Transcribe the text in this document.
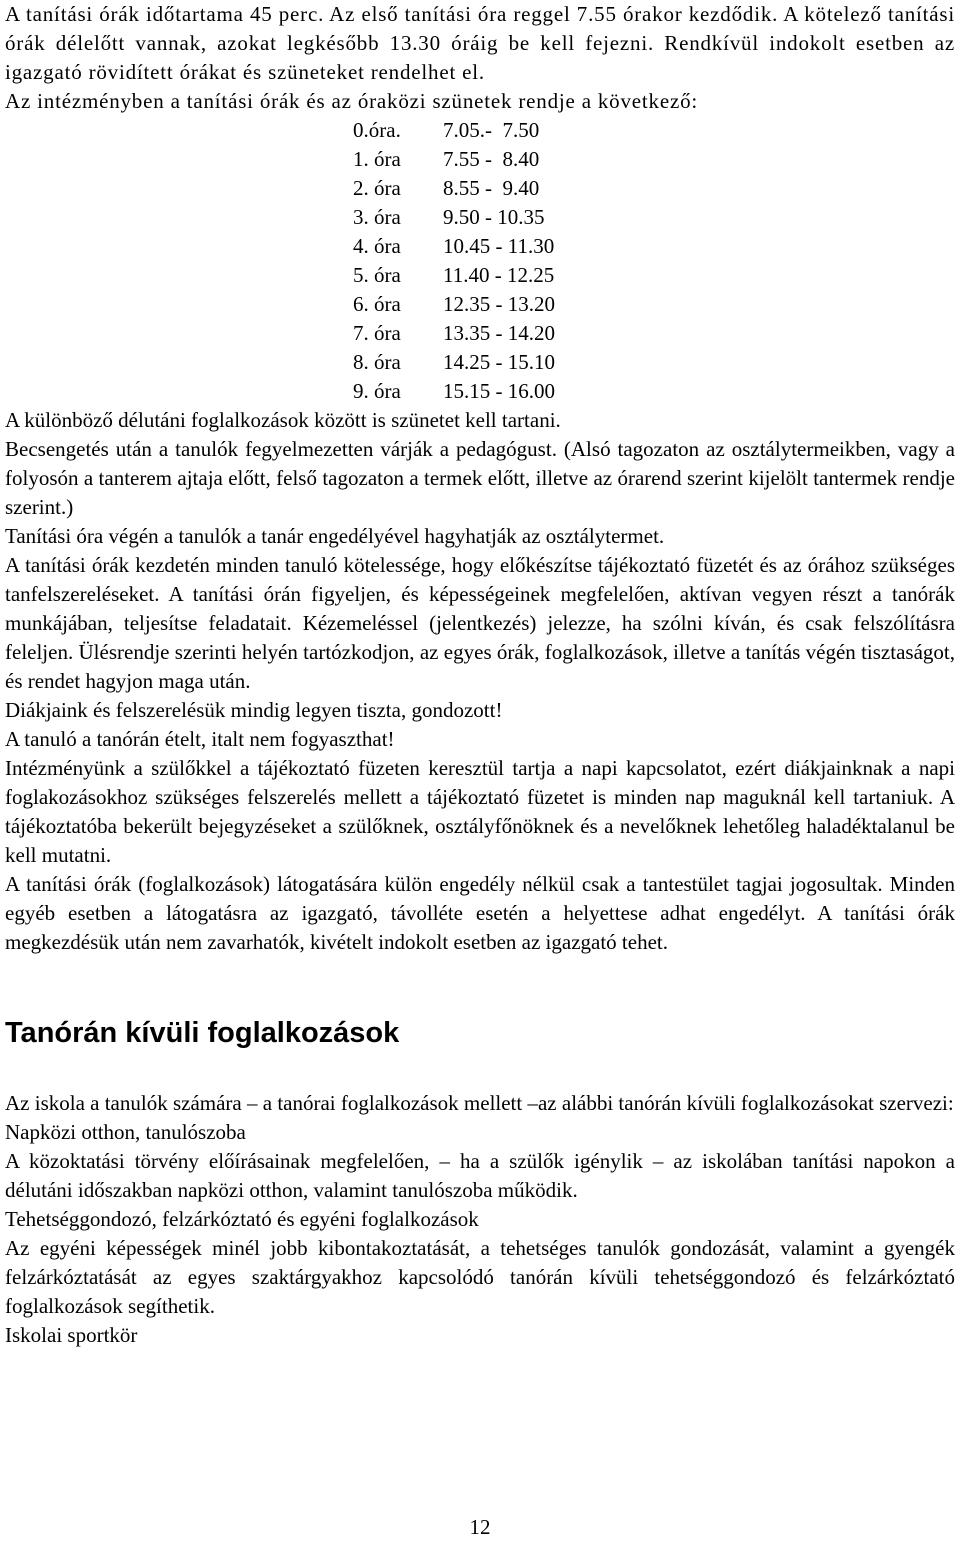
A tanítási órák időtartama 45 perc. Az első tanítási óra reggel 7.55 órakor kezdődik. A kötelező tanítási órák délelőtt vannak, azokat legkésőbb 13.30 óráig be kell fejezni. Rendkívül indokolt esetben az igazgató rövidített órákat és szüneteket rendelhet el.

Az intézményben a tanítási órák és az óraközi szünetek rendje a következő:

0.óra.	7.05.-  7.50
1. óra	7.55 -  8.40
2. óra	8.55 -  9.40
3. óra	9.50 - 10.35
4. óra	10.45 - 11.30
5. óra	11.40 - 12.25
6. óra	12.35 - 13.20
7. óra	13.35 - 14.20
8. óra	14.25 - 15.10
9. óra	15.15 - 16.00

A különböző délutáni foglalkozások között is szünetet kell tartani.

Becsengetés után a tanulók fegyelmezetten várják a pedagógust. (Alsó tagozaton az osztálytermeikben, vagy a folyosón a tanterem ajtaja előtt, felső tagozaton a termek előtt, illetve az órarend szerint kijelölt tantermek rendje szerint.)

Tanítási óra végén a tanulók a tanár engedélyével hagyhatják az osztálytermet.

A tanítási órák kezdetén minden tanuló kötelessége, hogy előkészítse tájékoztató füzetét és az órához szükséges tanfelszereléseket. A tanítási órán figyeljen, és képességeinek megfelelően, aktívan vegyen részt a tanórák munkájában, teljesítse feladatait. Kézemeléssel (jelentkezés) jelezze, ha szólni kíván, és csak felszólításra feleljen. Ülésrendje szerinti helyén tartózkodjon, az egyes órák, foglalkozások, illetve a tanítás végén tisztaságot, és rendet hagyjon maga után.

Diákjaink és felszerelésük mindig legyen tiszta, gondozott!

A tanuló a tanórán ételt, italt nem fogyaszthat!

Intézményünk a szülőkkel a tájékoztató füzeten keresztül tartja a napi kapcsolatot, ezért diákjainknak a napi foglakozásokhoz szükséges felszerelés mellett a tájékoztató füzetet is minden nap maguknál kell tartaniuk. A tájékoztatóba bekerült bejegyzéseket a szülőknek, osztályfőnöknek és a nevelőknek lehetőleg haladéktalanul be kell mutatni.

A tanítási órák (foglalkozások) látogatására külön engedély nélkül csak a tantestület tagjai jogosultak. Minden egyéb esetben a látogatásra az igazgató, távolléte esetén a helyettese adhat engedélyt. A tanítási órák megkezdésük után nem zavarhatók, kivételt indokolt esetben az igazgató tehet.

Tanórán kívüli foglalkozások

Az iskola a tanulók számára – a tanórai foglalkozások mellett –az alábbi tanórán kívüli foglalkozásokat szervezi:

Napközi otthon, tanulószoba

A közoktatási törvény előírásainak megfelelően, – ha a szülők igénylik – az iskolában tanítási napokon a délutáni időszakban napközi otthon, valamint tanulószoba működik.

Tehetséggondozó, felzárkóztató és egyéni foglalkozások

Az egyéni képességek minél jobb kibontakoztatását, a tehetséges tanulók gondozását, valamint a gyengék felzárkóztatását az egyes szaktárgyakhoz kapcsolódó tanórán kívüli tehetséggondozó és felzárkóztató foglalkozások segíthetik.

Iskolai sportkör

12
